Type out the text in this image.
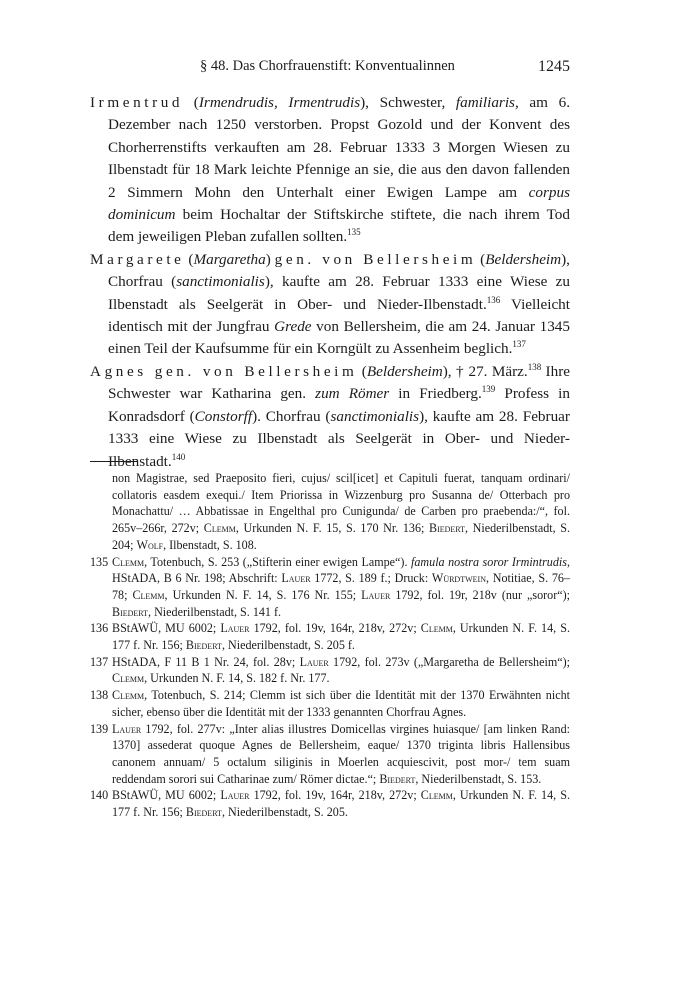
§ 48. Das Chorfrauenstift: Konventualinnen	1245

Irmentrud (Irmendrudis, Irmentrudis), Schwester, familiaris, am 6. Dezember nach 1250 verstorben. Propst Gozold und der Konvent des Chorherrenstifts verkauften am 28. Februar 1333 3 Morgen Wiesen zu Ilbenstadt für 18 Mark leichte Pfennige an sie, die aus den davon fallenden 2 Simmern Mohn den Unterhalt einer Ewigen Lampe am corpus dominicum beim Hochaltar der Stiftskirche stiftete, die nach ihrem Tod dem jeweiligen Pleban zufallen sollten.$^{135}$

Margarete (Margaretha) gen. von Bellersheim (Beldersheim), Chorfrau (sanctimonialis), kaufte am 28. Februar 1333 eine Wiese zu Ilbenstadt als Seelgerät in Ober- und Nieder-Ilbenstadt.$^{136}$ Vielleicht identisch mit der Jungfrau Grede von Bellersheim, die am 24. Januar 1345 einen Teil der Kaufsumme für ein Korngült zu Assenheim beglich.$^{137}$

Agnes gen. von Bellersheim (Beldersheim), † 27. März.$^{138}$ Ihre Schwester war Katharina gen. zum Römer in Friedberg.$^{139}$ Profess in Konradsdorf (Constorff). Chorfrau (sanctimonialis), kaufte am 28. Februar 1333 eine Wiese zu Ilbenstadt als Seelgerät in Ober- und Nieder-Ilbenstadt.$^{140}$

non Magistrae, sed Praeposito fieri, cujus/ scil[icet] et Capituli fuerat, tanquam ordinari/ collatoris easdem exequi./ Item Priorissa in Wizzenburg pro Susanna de/ Otterbach pro Monachattu/ … Abbatissae in Engelthal pro Cunigunda/ de Carben pro praebenda:/“, fol. 265v–266r, 272v; Clemm, Urkunden N. F. 15, S. 170 Nr. 136; Biedert, Niederilbenstadt, S. 204; Wolf, Ilbenstadt, S. 108.

135 Clemm, Totenbuch, S. 253 („Stifterin einer ewigen Lampe“). famula nostra soror Irmintrudis, HStADA, B 6 Nr. 198; Abschrift: Lauer 1772, S. 189 f.; Druck: Würdtwein, Notitiae, S. 76–78; Clemm, Urkunden N. F. 14, S. 176 Nr. 155; Lauer 1792, fol. 19r, 218v (nur „soror“); Biedert, Niederilbenstadt, S. 141 f.

136 BStAWÜ, MU 6002; Lauer 1792, fol. 19v, 164r, 218v, 272v; Clemm, Urkunden N. F. 14, S. 177 f. Nr. 156; Biedert, Niederilbenstadt, S. 205 f.

137 HStADA, F 11 B 1 Nr. 24, fol. 28v; Lauer 1792, fol. 273v („Margaretha de Bellersheim“); Clemm, Urkunden N. F. 14, S. 182 f. Nr. 177.

138 Clemm, Totenbuch, S. 214; Clemm ist sich über die Identität mit der 1370 Erwähnten nicht sicher, ebenso über die Identität mit der 1333 genannten Chorfrau Agnes.

139 Lauer 1792, fol. 277v: „Inter alias illustres Domicellas virgines huiasque/ [am linken Rand: 1370] assederat quoque Agnes de Bellersheim, eaque/ 1370 triginta libris Hallensibus canonem annuam/ 5 octalum siliginis in Moerlen acquiescivit, post mor-/ tem suam reddendam sorori sui Catharinae zum/ Römer dictae.“; Biedert, Niederilbenstadt, S. 153.

140 BStAWÜ, MU 6002; Lauer 1792, fol. 19v, 164r, 218v, 272v; Clemm, Urkunden N. F. 14, S. 177 f. Nr. 156; Biedert, Niederilbenstadt, S. 205.
